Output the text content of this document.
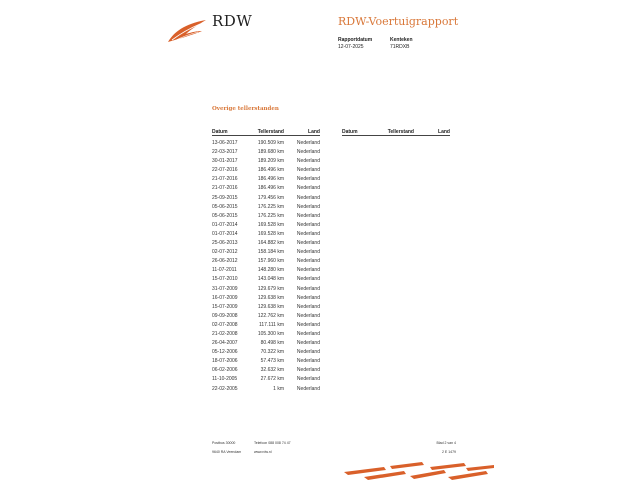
RDW	RDW-Voertuigrapport
Rapportdatum
12-07-2025
Kenteken
71RDXB
Overige tellerstanden
Datum	Tellerstand	Land
13-06-2017	190.509 km	Nederland
22-03-2017	189.680 km	Nederland
30-01-2017	189.209 km	Nederland
22-07-2016	186.496 km	Nederland
21-07-2016	186.496 km	Nederland
21-07-2016	186.496 km	Nederland
25-09-2015	179.456 km	Nederland
05-06-2015	176.225 km	Nederland
05-06-2015	176.225 km	Nederland
01-07-2014	169.528 km	Nederland
01-07-2014	169.528 km	Nederland
25-06-2013	164.882 km	Nederland
02-07-2012	158.184 km	Nederland
26-06-2012	157.960 km	Nederland
11-07-2011	148.280 km	Nederland
15-07-2010	143.048 km	Nederland
31-07-2009	129.679 km	Nederland
16-07-2009	129.638 km	Nederland
15-07-2009	129.638 km	Nederland
09-09-2008	122.762 km	Nederland
02-07-2008	117.111 km	Nederland
21-02-2008	105.300 km	Nederland
26-04-2007	80.498 km	Nederland
05-12-2006	70.322 km	Nederland
18-07-2006	57.473 km	Nederland
06-02-2006	32.632 km	Nederland
11-10-2005	27.672 km	Nederland
22-02-2005	1 km	Nederland
Datum	Tellerstand	Land
Postbus 30000
9640 RA Veendam
Telefoon 088 008 74 47
www.rdw.nl
Blad 2 van 4
2 E 1479
